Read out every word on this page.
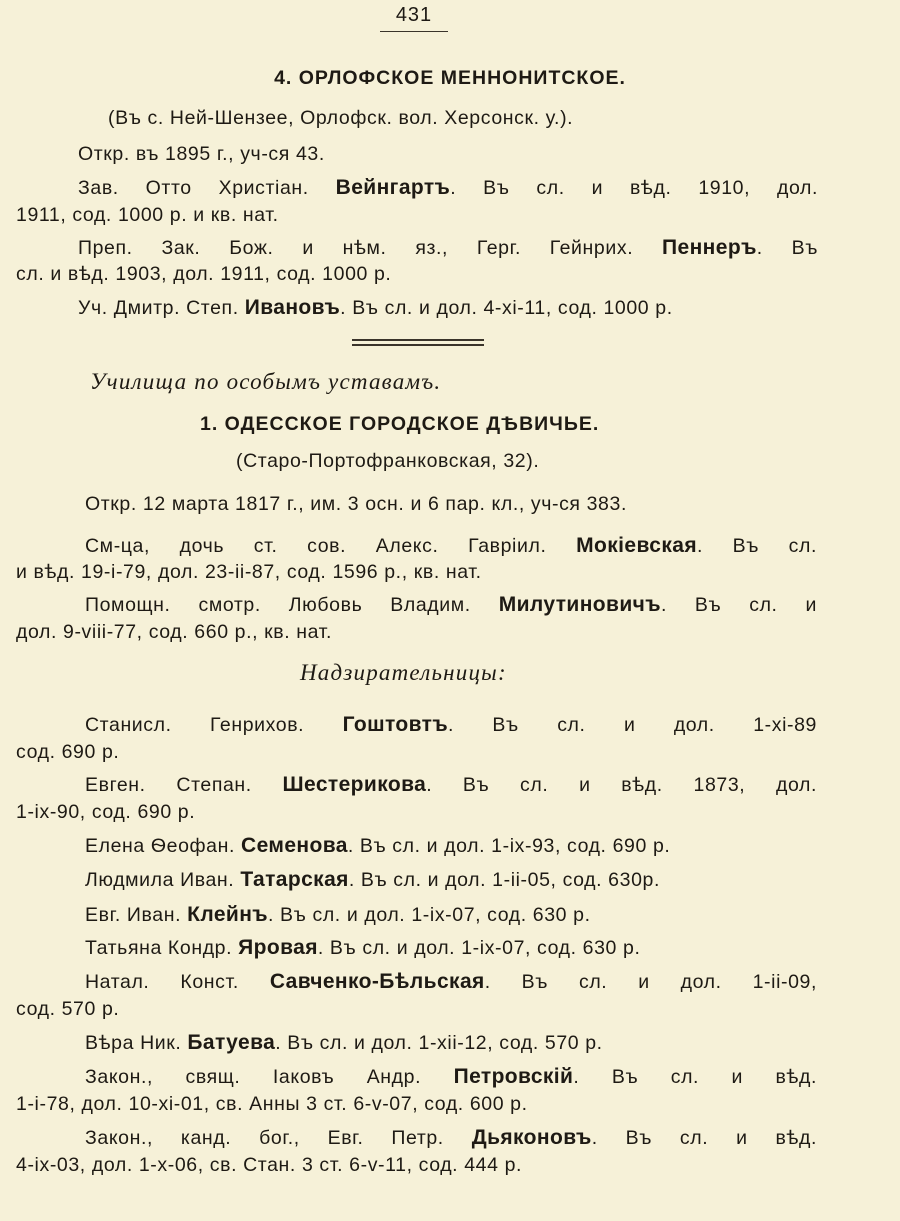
431
4. ОРЛОФСКОЕ МЕННОНИТСКОЕ.
(Въ с. Ней-Шензее, Орлофск. вол. Херсонск. у.).
Откр. въ 1895 г., уч-ся 43.
Зав. Отто Христіан. Вейнгартъ. Въ сл. и вѣд. 1910, дол.
1911, сод. 1000 р. и кв. нат.
Преп. Зак. Бож. и нѣм. яз., Герг. Гейнрих. Пеннеръ. Въ
сл. и вѣд. 1903, дол. 1911, сод. 1000 р.
Уч. Дмитр. Степ. Ивановъ. Въ сл. и дол. 4-xi-11, сод. 1000 р.
Училища по особымъ уставамъ.
1. ОДЕССКОЕ ГОРОДСКОЕ ДѢВИЧЬЕ.
(Старо-Портофранковская, 32).
Откр. 12 марта 1817 г., им. 3 осн. и 6 пар. кл., уч-ся 383.
См-ца, дочь ст. сов. Алекс. Гавріил. Мокіевская. Въ сл.
и вѣд. 19-i-79, дол. 23-ii-87, сод. 1596 р., кв. нат.
Помощн. смотр. Любовь Владим. Милутиновичъ. Въ сл. и
дол. 9-viii-77, сод. 660 р., кв. нат.
Надзирательницы:
Станисл. Генрихов. Гоштовтъ. Въ сл. и дол. 1-xi-89
сод. 690 р.
Евген. Степан. Шестерикова. Въ сл. и вѣд. 1873, дол.
1-ix-90, сод. 690 р.
Елена Ѳеофан. Семенова. Въ сл. и дол. 1-ix-93, сод. 690 р.
Людмила Иван. Татарская. Въ сл. и дол. 1-ii-05, сод. 630р.
Евг. Иван. Клейнъ. Въ сл. и дол. 1-ix-07, сод. 630 р.
Татьяна Кондр. Яровая. Въ сл. и дол. 1-ix-07, сод. 630 р.
Натал. Конст. Савченко-Бѣльская. Въ сл. и дол. 1-ii-09,
сод. 570 р.
Вѣра Ник. Батуева. Въ сл. и дол. 1-xii-12, сод. 570 р.
Закон., свящ. Іаковъ Андр. Петровскій. Въ сл. и вѣд.
1-i-78, дол. 10-xi-01, св. Анны 3 ст. 6-v-07, сод. 600 р.
Закон., канд. бог., Евг. Петр. Дьяконовъ. Въ сл. и вѣд.
4-ix-03, дол. 1-x-06, св. Стан. 3 ст. 6-v-11, сод. 444 р.
